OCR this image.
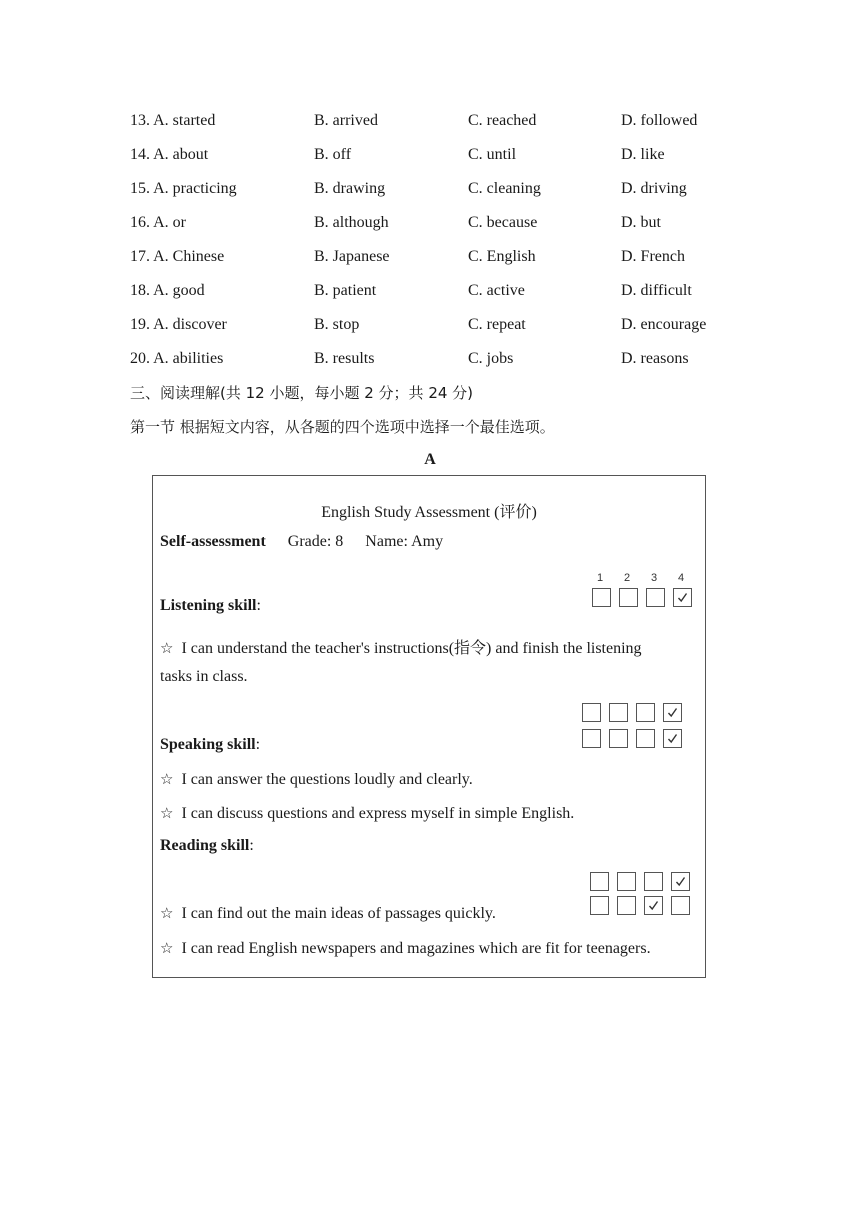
13. A. started	B. arrived	C. reached	D. followed
14. A. about	B. off	C. until	D. like
15. A. practicing	B. drawing	C. cleaning	D. driving
16. A. or	B. although	C. because	D. but
17. A. Chinese	B. Japanese	C. English	D. French
18. A. good	B. patient	C. active	D. difficult
19. A. discover	B. stop	C. repeat	D. encourage
20. A. abilities	B. results	C. jobs	D. reasons
三、阅读理解(共 12 小题，每小题 2 分；共 24 分)
第一节 根据短文内容，从各题的四个选项中选择一个最佳选项。
A
English Study Assessment (评价)
Self-assessment Grade: 8 Name: Amy
1 2 3 4
Listening skill:
☆ I can understand the teacher's instructions(指令) and finish the listening
tasks in class.
Speaking skill:
☆ I can answer the questions loudly and clearly.
☆ I can discuss questions and express myself in simple English.
Reading skill:
☆ I can find out the main ideas of passages quickly.
☆ I can read English newspapers and magazines which are fit for teenagers.
